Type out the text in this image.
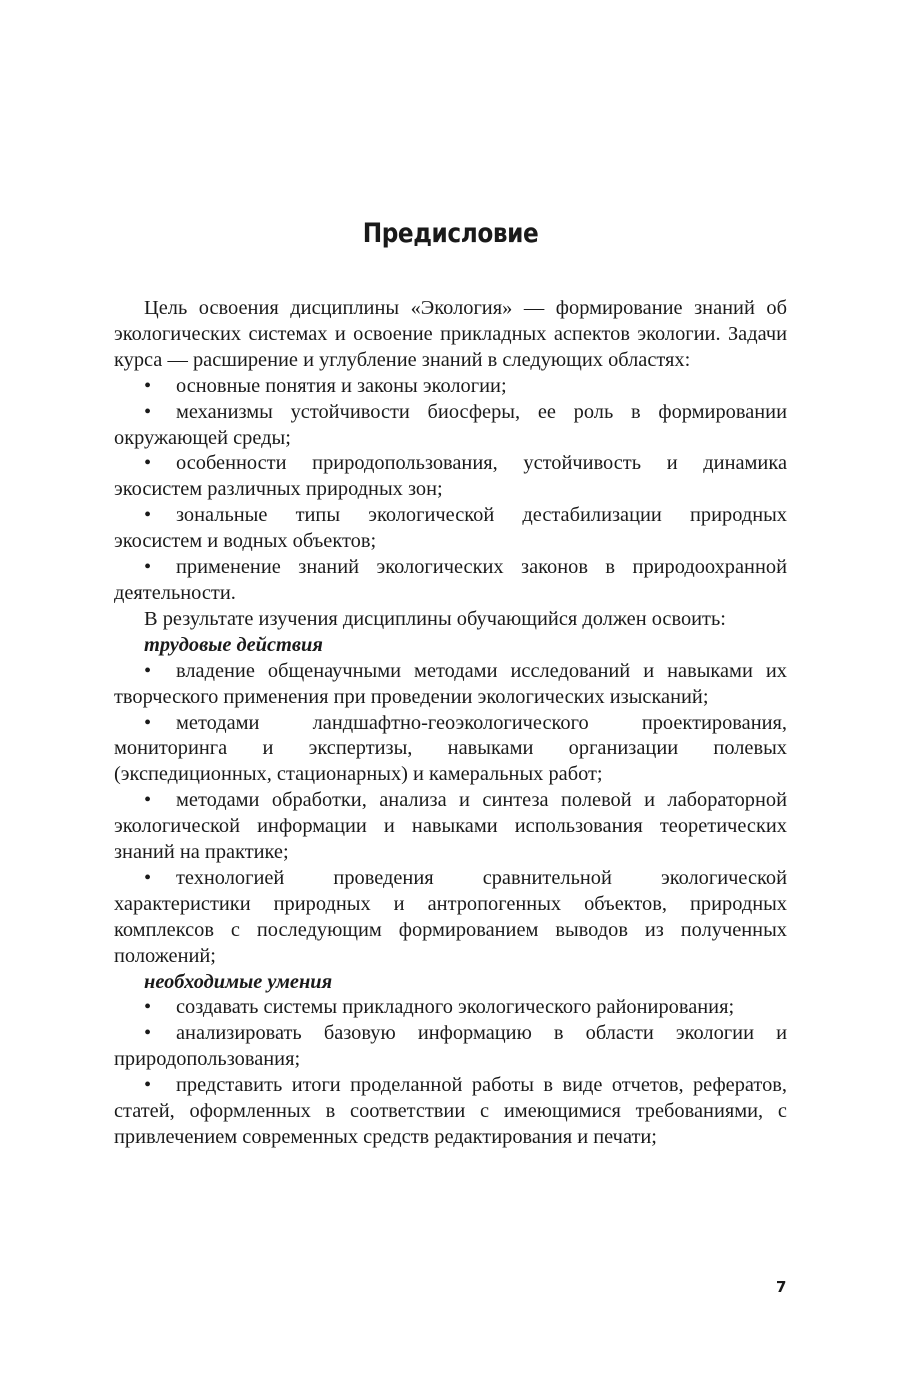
Предисловие

Цель освоения дисциплины «Экология» — формирование знаний об экологических системах и освоение прикладных аспектов экологии. Задачи курса — расширение и углубление знаний в следующих областях:

• основные понятия и законы экологии;

• механизмы устойчивости биосферы, ее роль в формировании окружающей среды;

• особенности природопользования, устойчивость и динамика экосистем различных природных зон;

• зональные типы экологической дестабилизации природных экосистем и водных объектов;

• применение знаний экологических законов в природоохранной деятельности.

В результате изучения дисциплины обучающийся должен освоить:

трудовые действия

• владение общенаучными методами исследований и навыками их творческого применения при проведении экологических изысканий;

• методами ландшафтно-геоэкологического проектирования, мониторинга и экспертизы, навыками организации полевых (экспедиционных, стационарных) и камеральных работ;

• методами обработки, анализа и синтеза полевой и лабораторной экологической информации и навыками использования теоретических знаний на практике;

• технологией проведения сравнительной экологической характеристики природных и антропогенных объектов, природных комплексов с последующим формированием выводов из полученных положений;

необходимые умения

• создавать системы прикладного экологического районирования;

• анализировать базовую информацию в области экологии и природопользования;

• представить итоги проделанной работы в виде отчетов, рефератов, статей, оформленных в соответствии с имеющимися требованиями, с привлечением современных средств редактирования и печати;

7
